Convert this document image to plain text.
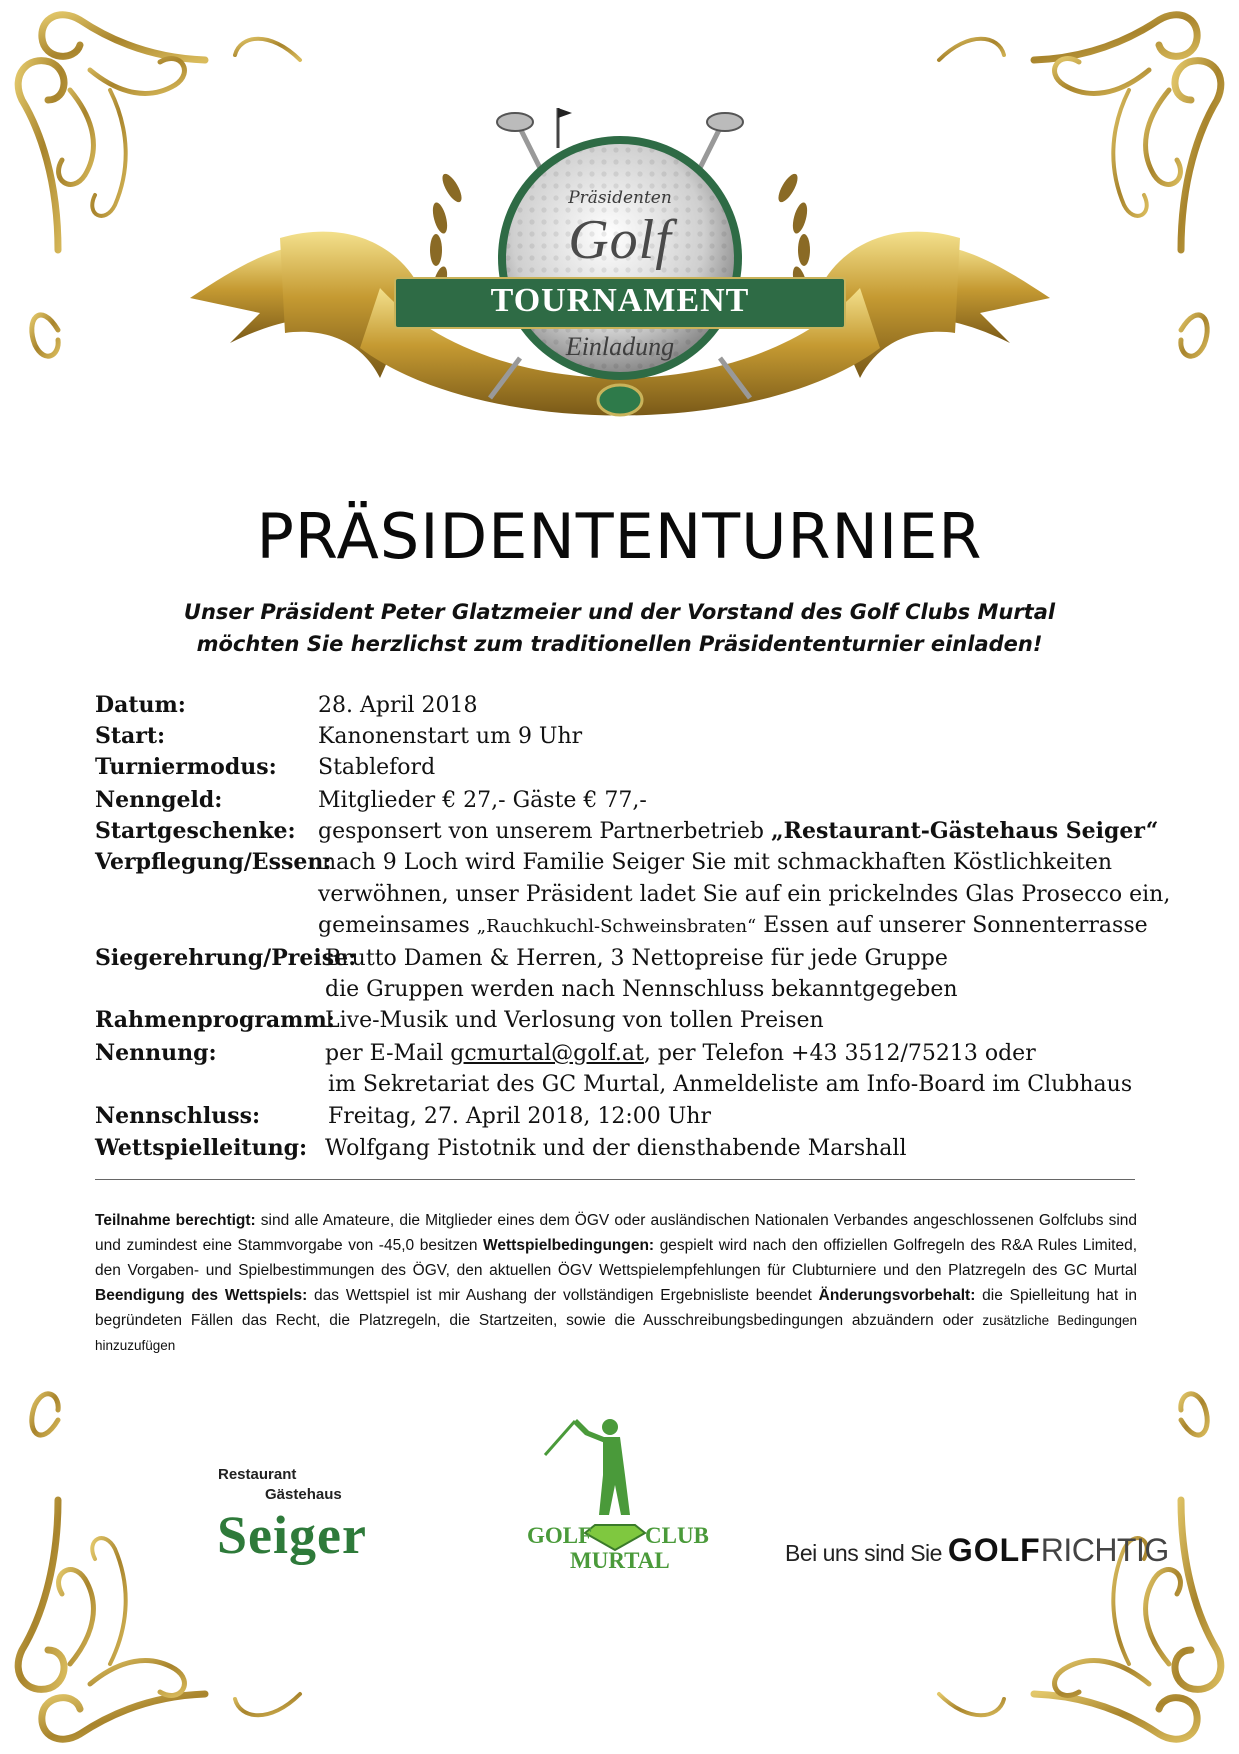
Präsidenten
Golf
TOURNAMENT
Einladung
PRÄSIDENTENTURNIER
Unser Präsident Peter Glatzmeier und der Vorstand des Golf Clubs Murtal
möchten Sie herzlichst zum traditionellen Präsidententurnier einladen!
Datum:	28. April 2018
Start:	Kanonenstart um 9 Uhr
Turniermodus: Stableford
Nenngeld:	Mitglieder € 27,- Gäste € 77,-
Startgeschenke: gesponsert von unserem Partnerbetrieb „Restaurant-Gästehaus Seiger“
Verpflegung/Essen:
nach 9 Loch wird Familie Seiger Sie mit schmackhaften Köstlichkeiten
verwöhnen, unser Präsident ladet Sie auf ein prickelndes Glas Prosecco ein,
gemeinsames „Rauchkuchl-Schweinsbraten“ Essen auf unserer Sonnenterrasse
Siegerehrung/Preise:
Brutto Damen & Herren, 3 Nettopreise für jede Gruppe
die Gruppen werden nach Nennschluss bekanntgegeben
Rahmenprogramm:
Live-Musik und Verlosung von tollen Preisen
Nennung:	per E-Mail gcmurtal@golf.at, per Telefon +43 3512/75213 oder
im Sekretariat des GC Murtal, Anmeldeliste am Info-Board im Clubhaus
Nennschluss:	Freitag, 27. April 2018, 12:00 Uhr
Wettspielleitung: Wolfgang Pistotnik und der diensthabende Marshall
Teilnahme berechtigt: sind alle Amateure, die Mitglieder eines dem ÖGV oder ausländischen Nationalen Verbandes angeschlossenen Golfclubs sind und zumindest eine Stammvorgabe von -45,0 besitzen Wettspielbedingungen: gespielt wird nach den offiziellen Golfregeln des R&A Rules Limited, den Vorgaben- und Spielbestimmungen des ÖGV, den aktuellen ÖGV Wettspielempfehlungen für Clubturniere und den Platzregeln des GC Murtal Beendigung des Wettspiels: das Wettspiel ist mir Aushang der vollständigen Ergebnisliste beendet Änderungsvorbehalt: die Spielleitung hat in begründeten Fällen das Recht, die Platzregeln, die Startzeiten, sowie die Ausschreibungsbedingungen abzuändern oder zusätzliche Bedingungen hinzuzufügen
Restaurant
Gästehaus
Seiger	GOLF CLUB
MURTAL	Bei uns sind Sie GOLFRICHTIG
